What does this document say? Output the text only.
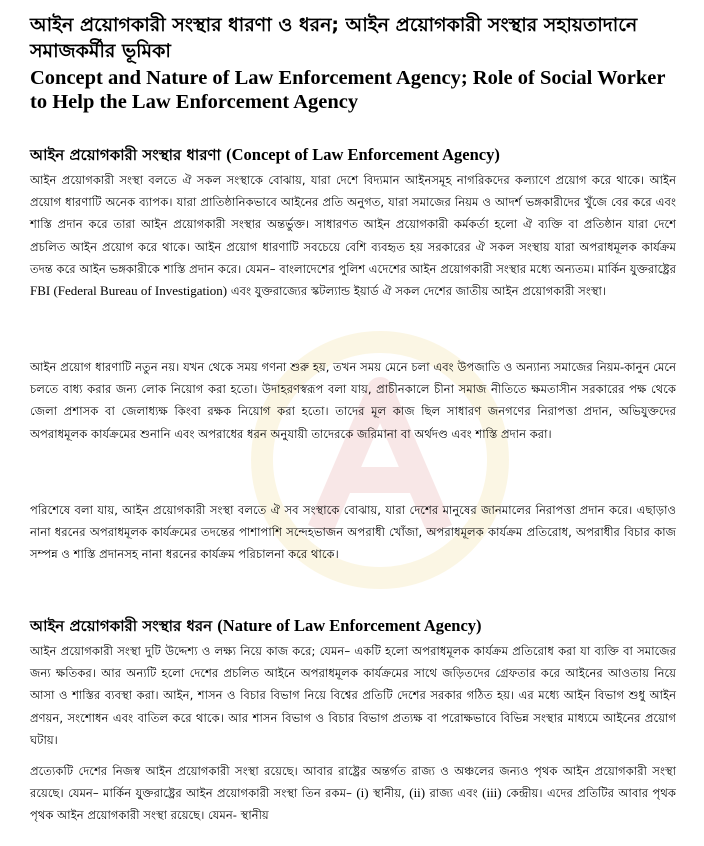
আইন প্রয়োগকারী সংস্থার ধারণা ও ধরন; আইন প্রয়োগকারী সংস্থার সহায়তাদানে সমাজকর্মীর ভূমিকা

Concept and Nature of Law Enforcement Agency; Role of Social Worker to Help the Law Enforcement Agency

আইন প্রয়োগকারী সংস্থার ধারণা (Concept of Law Enforcement Agency)

আইন প্রয়োগকারী সংস্থা বলতে ঐ সকল সংস্থাকে বোঝায়, যারা দেশে বিদ্যমান আইনসমূহ নাগরিকদের কল্যাণে প্রয়োগ করে থাকে। আইন প্রয়োগ ধারণাটি অনেক ব্যাপক। যারা প্রাতিষ্ঠানিকভাবে আইনের প্রতি অনুগত, যারা সমাজের নিয়ম ও আদর্শ ভঙ্গকারীদের খুঁজে বের করে এবং শাস্তি প্রদান করে তারা আইন প্রয়োগকারী সংস্থার অন্তর্ভুক্ত। সাধারণত আইন প্রয়োগকারী কর্মকর্তা হলো ঐ ব্যক্তি বা প্রতিষ্ঠান যারা দেশে প্রচলিত আইন প্রয়োগ করে থাকে। আইন প্রয়োগ ধারণাটি সবচেয়ে বেশি ব্যবহৃত হয় সরকারের ঐ সকল সংস্থায় যারা অপরাধমূলক কার্যক্রম তদন্ত করে আইন ভঙ্গকারীকে শাস্তি প্রদান করে। যেমন– বাংলাদেশের পুলিশ এদেশের আইন প্রয়োগকারী সংস্থার মধ্যে অন্যতম। মার্কিন যুক্তরাষ্ট্রের FBI (Federal Bureau of Investigation) এবং যুক্তরাজ্যের স্কটল্যান্ড ইয়ার্ড ঐ সকল দেশের জাতীয় আইন প্রয়োগকারী সংস্থা।

আইন প্রয়োগ ধারণাটি নতুন নয়। যখন থেকে সময় গণনা শুরু হয়, তখন সময় মেনে চলা এবং উপজাতি ও অন্যান্য সমাজের নিয়ম-কানুন মেনে চলতে বাধ্য করার জন্য লোক নিয়োগ করা হতো। উদাহরণস্বরূপ বলা যায়, প্রাচীনকালে চীনা সমাজ নীতিতে ক্ষমতাসীন সরকারের পক্ষ থেকে জেলা প্রশাসক বা জেলাধ্যক্ষ কিংবা রক্ষক নিয়োগ করা হতো। তাদের মূল কাজ ছিল সাধারণ জনগণের নিরাপত্তা প্রদান, অভিযুক্তদের অপরাধমূলক কার্যক্রমের শুনানি এবং অপরাধের ধরন অনুযায়ী তাদেরকে জরিমানা বা অর্থদণ্ড এবং শাস্তি প্রদান করা।

পরিশেষে বলা যায়, আইন প্রয়োগকারী সংস্থা বলতে ঐ সব সংস্থাকে বোঝায়, যারা দেশের মানুষের জানমালের নিরাপত্তা প্রদান করে। এছাড়াও নানা ধরনের অপরাধমূলক কার্যক্রমের তদন্তের পাশাপাশি সন্দেহভাজন অপরাধী খোঁজা, অপরাধমূলক কার্যক্রম প্রতিরোধ, অপরাধীর বিচার কাজ সম্পন্ন ও শাস্তি প্রদানসহ নানা ধরনের কার্যক্রম পরিচালনা করে থাকে।

আইন প্রয়োগকারী সংস্থার ধরন (Nature of Law Enforcement Agency)

আইন প্রয়োগকারী সংস্থা দুটি উদ্দেশ্য ও লক্ষ্য নিয়ে কাজ করে; যেমন– একটি হলো অপরাধমূলক কার্যক্রম প্রতিরোধ করা যা ব্যক্তি বা সমাজের জন্য ক্ষতিকর। আর অন্যটি হলো দেশের প্রচলিত আইনে অপরাধমূলক কার্যক্রমের সাথে জড়িতদের গ্রেফতার করে আইনের আওতায় নিয়ে আসা ও শাস্তির ব্যবস্থা করা। আইন, শাসন ও বিচার বিভাগ নিয়ে বিশ্বের প্রতিটি দেশের সরকার গঠিত হয়। এর মধ্যে আইন বিভাগ শুধু আইন প্রণয়ন, সংশোধন এবং বাতিল করে থাকে। আর শাসন বিভাগ ও বিচার বিভাগ প্রত্যক্ষ বা পরোক্ষভাবে বিভিন্ন সংস্থার মাধ্যমে আইনের প্রয়োগ ঘটায়।

প্রত্যেকটি দেশের নিজস্ব আইন প্রয়োগকারী সংস্থা রয়েছে। আবার রাষ্ট্রের অন্তর্গত রাজ্য ও অঞ্চলের জন্যও পৃথক আইন প্রয়োগকারী সংস্থা রয়েছে। যেমন– মার্কিন যুক্তরাষ্ট্রের আইন প্রয়োগকারী সংস্থা তিন রকম– (i) স্থানীয়, (ii) রাজ্য এবং (iii) কেন্দ্রীয়। এদের প্রতিটির আবার পৃথক পৃথক আইন প্রয়োগকারী সংস্থা রয়েছে। যেমন- স্থানীয়
